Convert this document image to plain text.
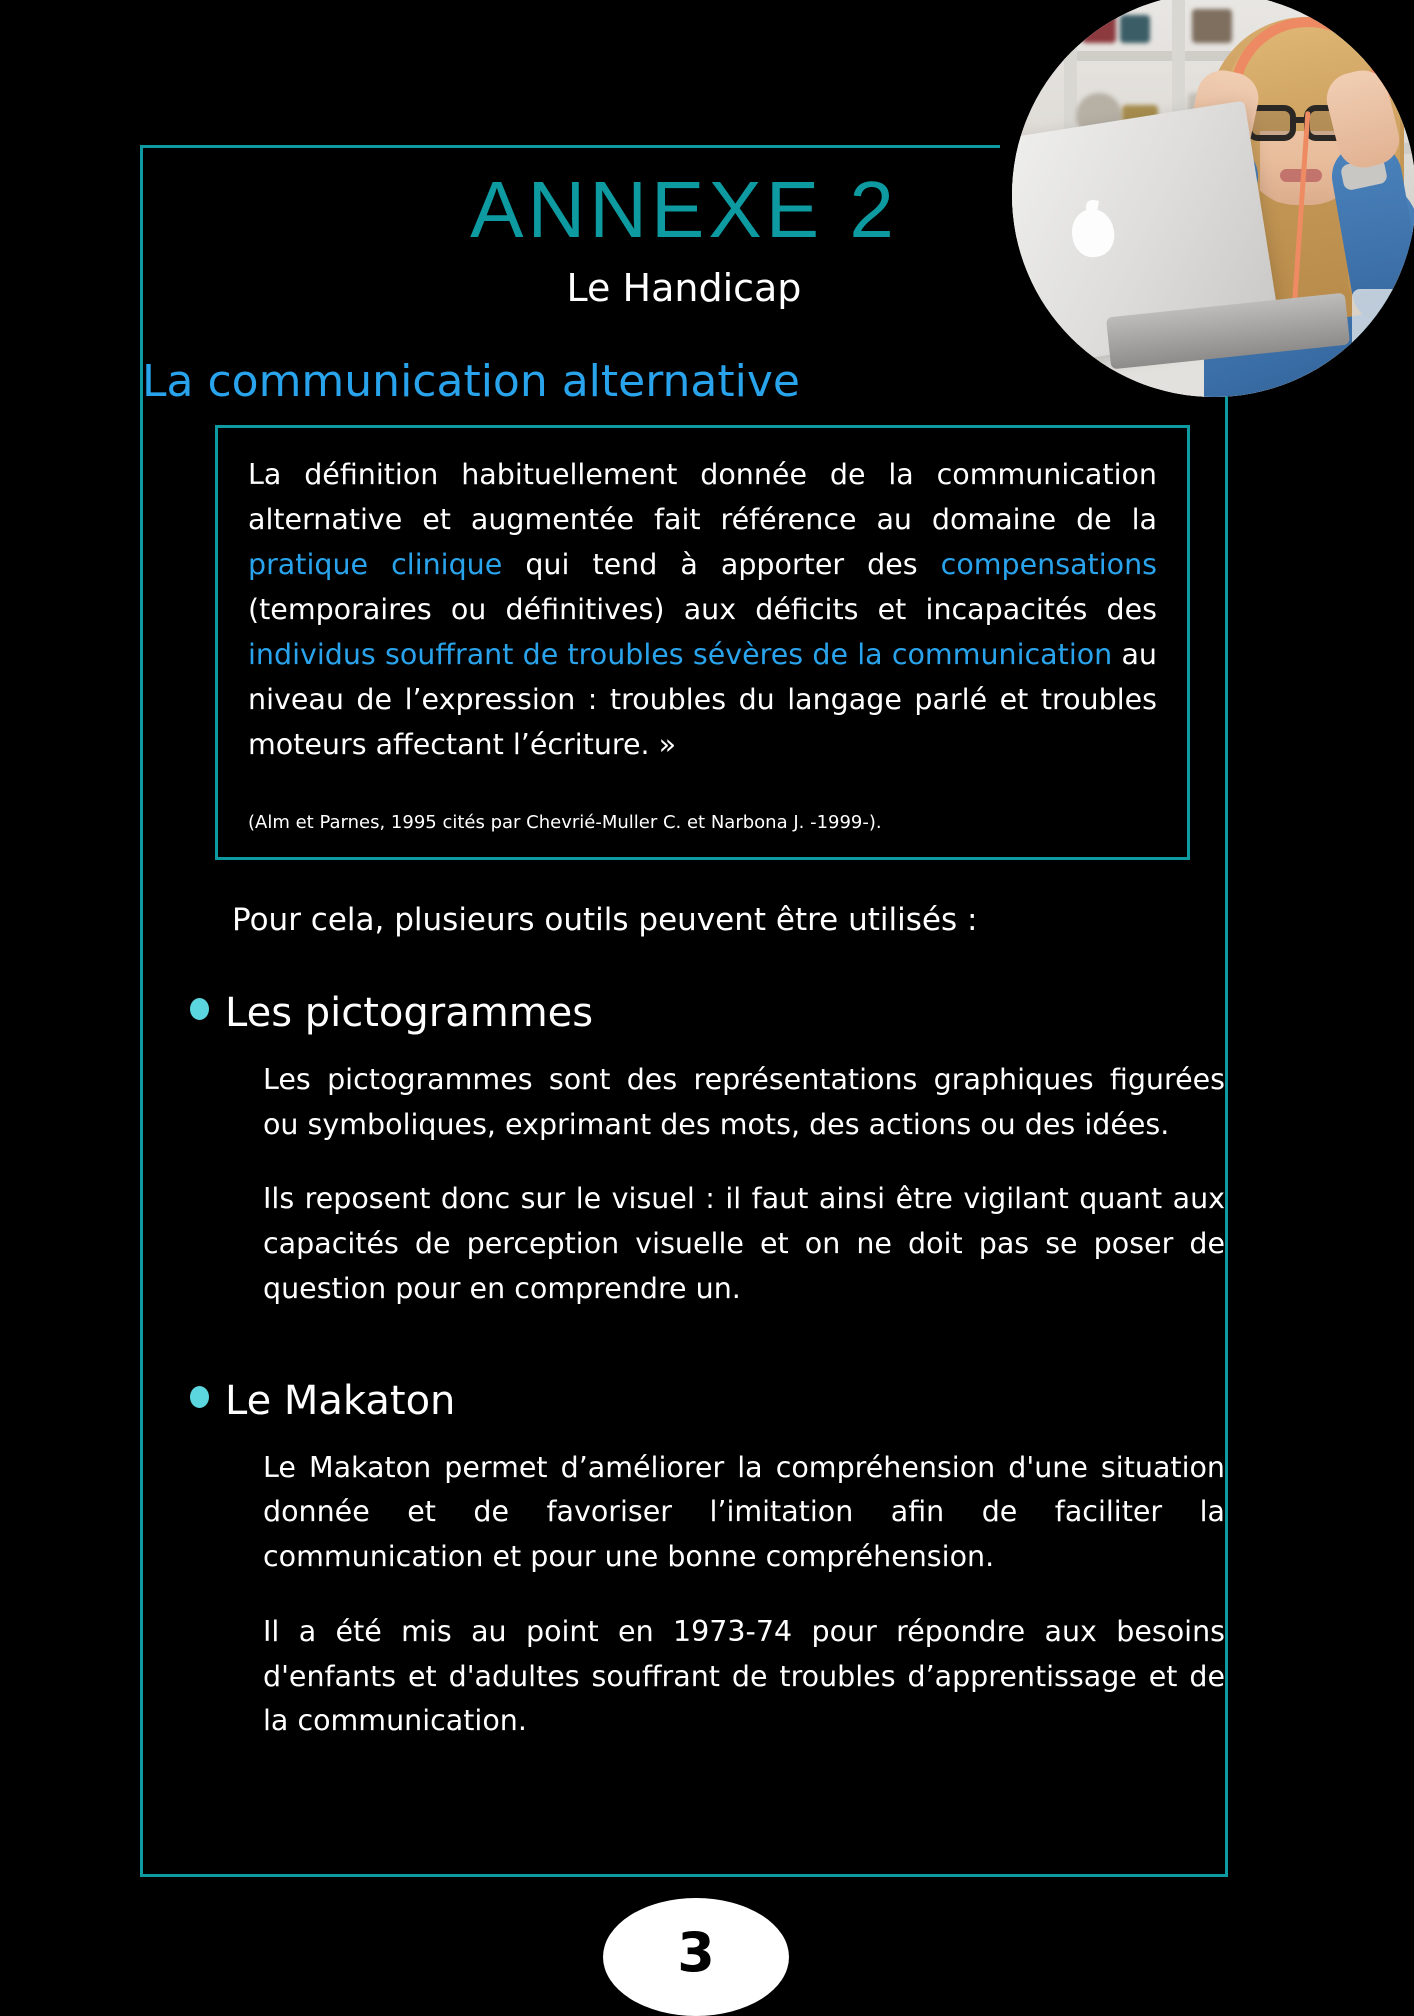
ANNEXE 2
Le Handicap
La communication alternative

La définition habituellement donnée de la communication alternative et augmentée fait référence au domaine de la pratique clinique qui tend à apporter des compensations (temporaires ou définitives) aux déficits et incapacités des individus souffrant de troubles sévères de la communication au niveau de l’expression : troubles du langage parlé et troubles moteurs affectant l’écriture. »

(Alm et Parnes, 1995 cités par Chevrié-Muller C. et Narbona J. -1999-).

Pour cela, plusieurs outils peuvent être utilisés :
Les pictogrammes

Les pictogrammes sont des représentations graphiques figurées ou symboliques, exprimant des mots, des actions ou des idées.

Ils reposent donc sur le visuel : il faut ainsi être vigilant quant aux capacités de perception visuelle et on ne doit pas se poser de question pour en comprendre un.

Le Makaton

Le Makaton permet d’améliorer la compréhension d'une situation donnée et de favoriser l’imitation afin de faciliter la communication et pour une bonne compréhension.

Il a été mis au point en 1973-74 pour répondre aux besoins d'enfants et d'adultes souffrant de troubles d’apprentissage et de la communication.

3
